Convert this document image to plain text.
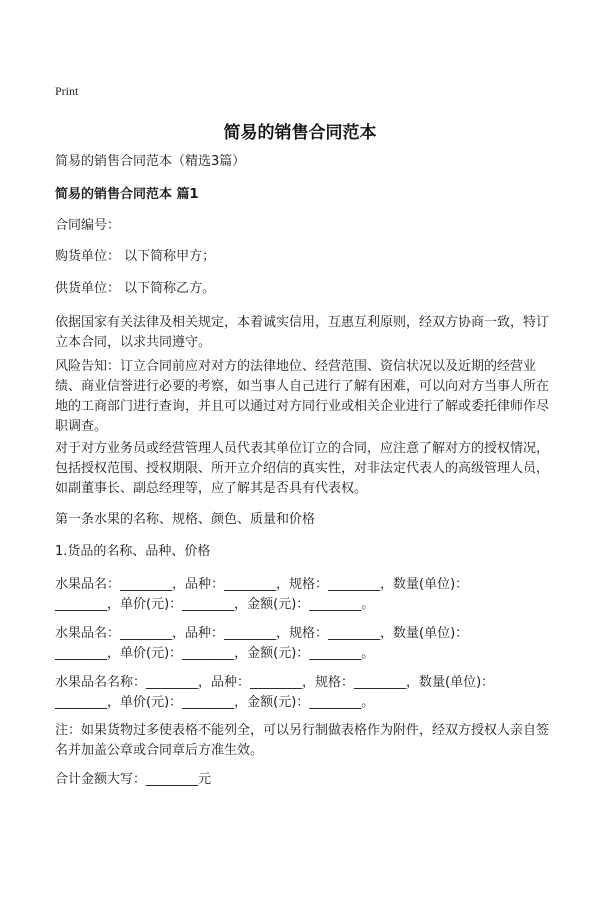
Print
简易的销售合同范本
简易的销售合同范本（精选3篇）
简易的销售合同范本 篇1
合同编号：
购货单位： 以下简称甲方；
供货单位： 以下简称乙方。
依据国家有关法律及相关规定，本着诚实信用，互惠互利原则，经双方协商一致，特订立本合同，以求共同遵守。
风险告知：订立合同前应对对方的法律地位、经营范围、资信状况以及近期的经营业绩、商业信誉进行必要的考察，如当事人自己进行了解有困难，可以向对方当事人所在地的工商部门进行查询，并且可以通过对方同行业或相关企业进行了解或委托律师作尽职调查。
对于对方业务员或经营管理人员代表其单位订立的合同，应注意了解对方的授权情况，包括授权范围、授权期限、所开立介绍信的真实性，对非法定代表人的高级管理人员，如副董事长、副总经理等，应了解其是否具有代表权。
第一条水果的名称、规格、颜色、质量和价格
1.货品的名称、品种、价格
水果品名：________，品种：________，规格：________，数量(单位)：
________，单价(元)：________，金额(元)：________。
水果品名：________，品种：________，规格：________，数量(单位)：
________，单价(元)：________，金额(元)：________。
水果品名名称：________，品种：________，规格：________，数量(单位)：
________，单价(元)：________，金额(元)：________。
注：如果货物过多使表格不能列全，可以另行制做表格作为附件，经双方授权人亲自签名并加盖公章或合同章后方准生效。
合计金额大写：________元
